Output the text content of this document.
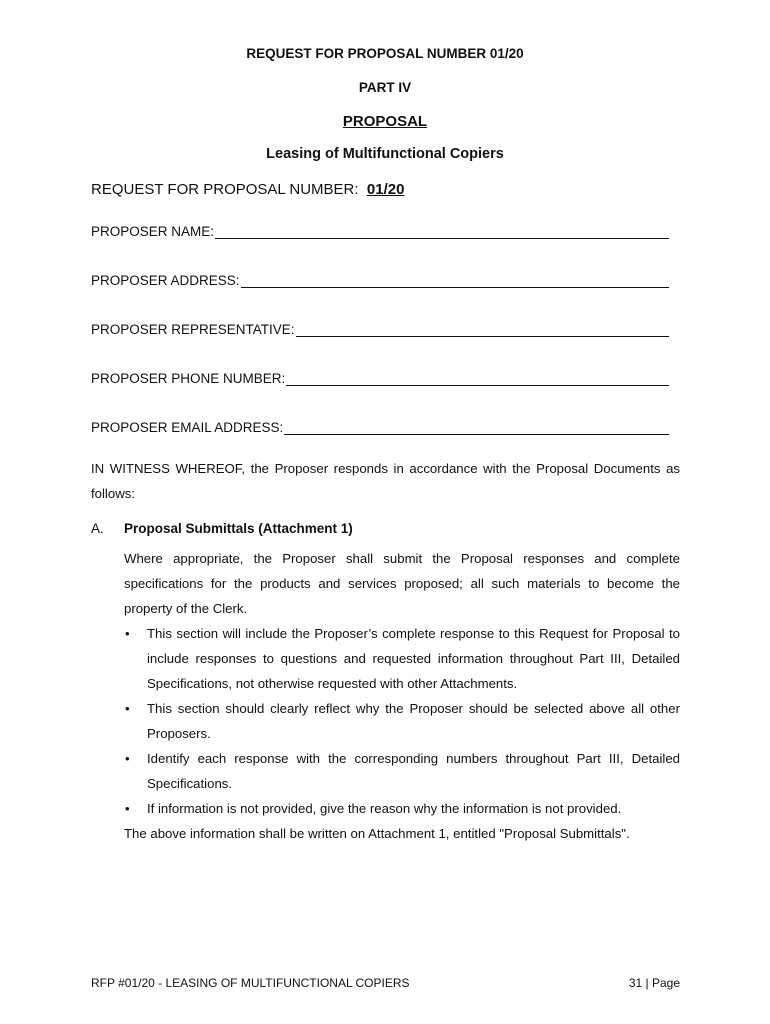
REQUEST FOR PROPOSAL NUMBER 01/20
PART IV
PROPOSAL
Leasing of Multifunctional Copiers
REQUEST FOR PROPOSAL NUMBER: 01/20
PROPOSER NAME:
PROPOSER ADDRESS:
PROPOSER REPRESENTATIVE:
PROPOSER PHONE NUMBER:
PROPOSER EMAIL ADDRESS:
IN WITNESS WHEREOF, the Proposer responds in accordance with the Proposal Documents as follows:
A. Proposal Submittals (Attachment 1)
Where appropriate, the Proposer shall submit the Proposal responses and complete specifications for the products and services proposed; all such materials to become the property of the Clerk.
• This section will include the Proposer’s complete response to this Request for Proposal to include responses to questions and requested information throughout Part III, Detailed Specifications, not otherwise requested with other Attachments.
• This section should clearly reflect why the Proposer should be selected above all other Proposers.
• Identify each response with the corresponding numbers throughout Part III, Detailed Specifications.
• If information is not provided, give the reason why the information is not provided.
The above information shall be written on Attachment 1, entitled "Proposal Submittals".
RFP #01/20 - LEASING OF MULTIFUNCTIONAL COPIERS	31 | Page
